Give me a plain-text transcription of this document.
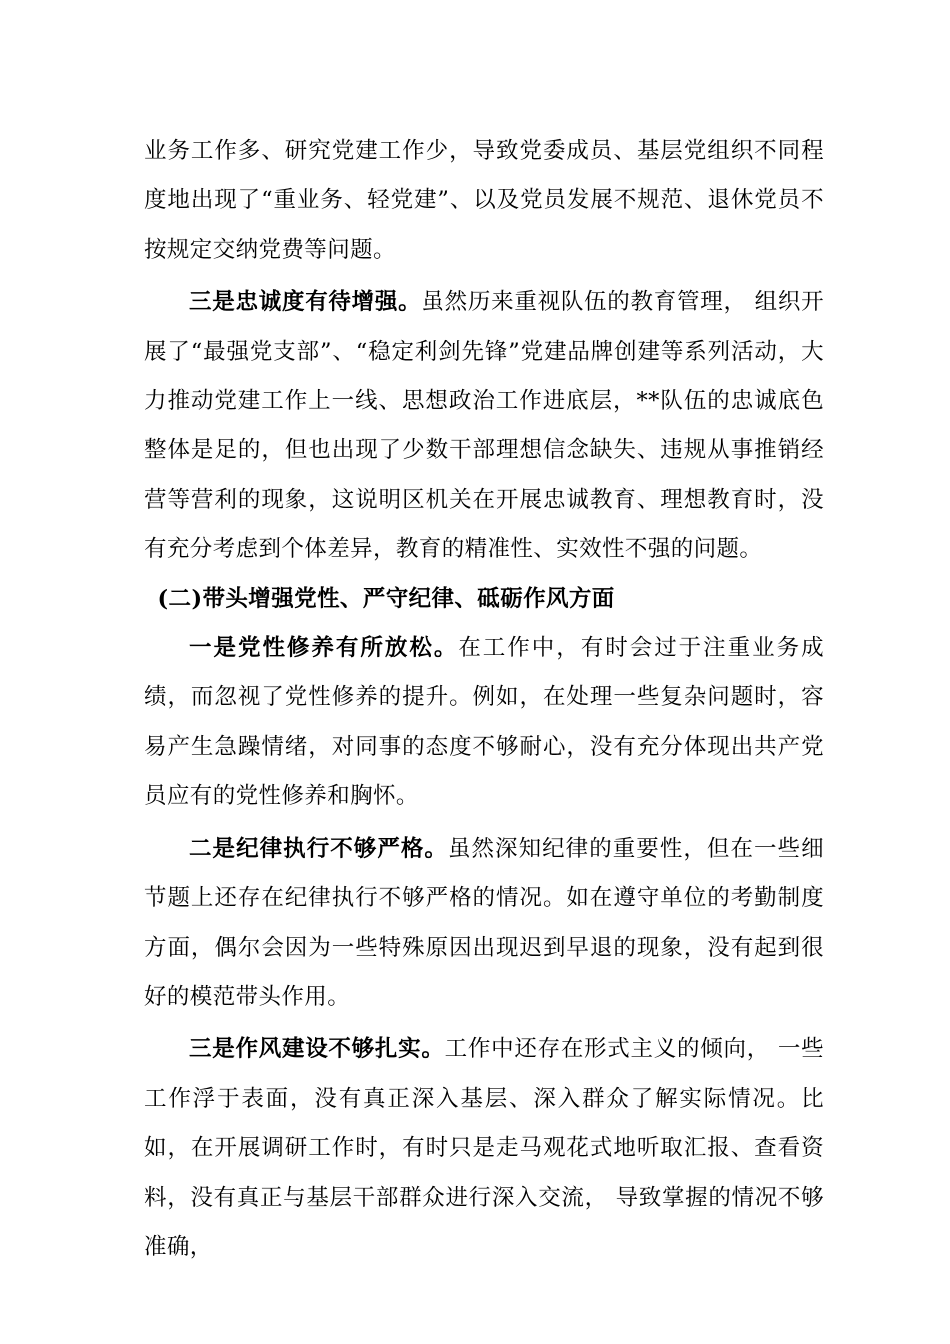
业务工作多、研究党建工作少，导致党委成员、基层党组织不同程度地出现了“重业务、轻党建”、以及党员发展不规范、退休党员不按规定交纳党费等问题。

三是忠诚度有待增强。虽然历来重视队伍的教育管理， 组织开展了“最强党支部”、“稳定利剑先锋”党建品牌创建等系列活动，大力推动党建工作上一线、思想政治工作进底层，**队伍的忠诚底色整体是足的，但也出现了少数干部理想信念缺失、违规从事推销经营等营利的现象，这说明区机关在开展忠诚教育、理想教育时，没有充分考虑到个体差异，教育的精准性、实效性不强的问题。

(二)带头增强党性、严守纪律、砥砺作风方面

一是党性修养有所放松。在工作中，有时会过于注重业务成绩，而忽视了党性修养的提升。例如，在处理一些复杂问题时，容易产生急躁情绪，对同事的态度不够耐心，没有充分体现出共产党员应有的党性修养和胸怀。

二是纪律执行不够严格。虽然深知纪律的重要性，但在一些细节题上还存在纪律执行不够严格的情况。如在遵守单位的考勤制度方面，偶尔会因为一些特殊原因出现迟到早退的现象，没有起到很好的模范带头作用。

三是作风建设不够扎实。工作中还存在形式主义的倾向， 一些工作浮于表面，没有真正深入基层、深入群众了解实际情况。比如，在开展调研工作时，有时只是走马观花式地听取汇报、查看资料，没有真正与基层干部群众进行深入交流， 导致掌握的情况不够准确，
